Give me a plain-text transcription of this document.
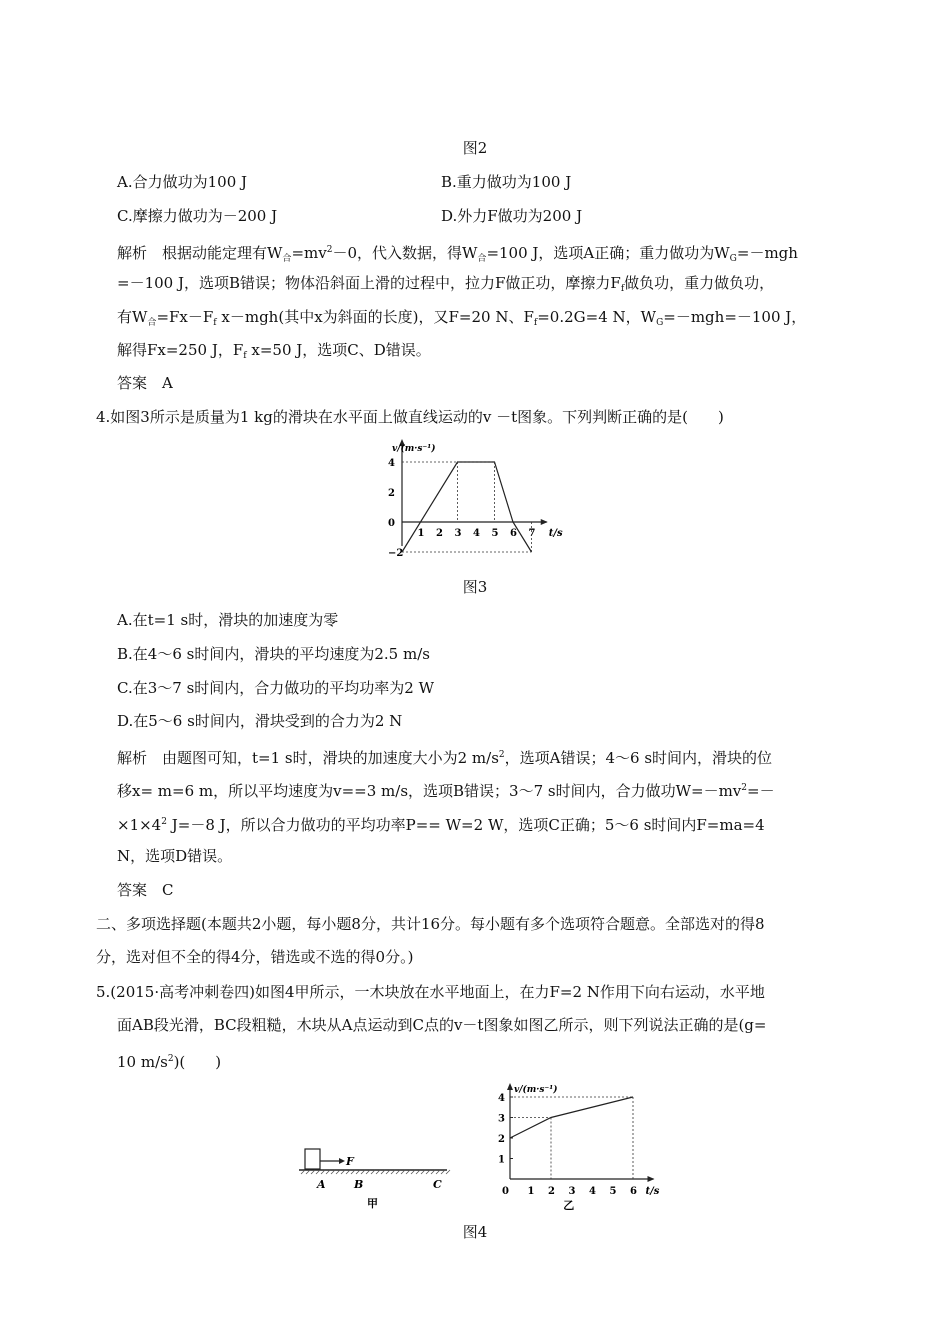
图2
A.合力做功为100 J	B.重力做功为100 J
C.摩擦力做功为－200 J	D.外力F做功为200 J
解析　根据动能定理有$W_合=mv^2-0$，代入数据，得$W_合=100$ J，选项A正确；重力做功为$W_G=-mgh$
=－100 J，选项B错误；物体沿斜面上滑的过程中，拉力F做正功，摩擦力$F_f$做负功，重力做负功，
有$W_合=Fx-F_f$ x－mgh(其中x为斜面的长度)，又F=20 N、$F_f=0.2G=4$ N，$W_G=-mgh=-100$ J，
解得Fx=250 J，$F_f$ x=50 J，选项C、D错误。
答案　A
4.如图3所示是质量为1 kg的滑块在水平面上做直线运动的v －t图象。下列判断正确的是(　　)
v/(m·s⁻¹)
t/s
4
2
0
−2
1 2 3 4 5 6 7
图3
A.在t=1 s时，滑块的加速度为零
B.在4～6 s时间内，滑块的平均速度为2.5 m/s
C.在3～7 s时间内，合力做功的平均功率为2 W
D.在5～6 s时间内，滑块受到的合力为2 N
解析　由题图可知，t=1 s时，滑块的加速度大小为2 $m/s^2$，选项A错误；4～6 s时间内，滑块的位
移x= m=6 m，所以平均速度为v==3 m/s，选项B错误；3～7 s时间内，合力做功$W=-mv^2=-$
$\times 1\times 4^2$ J=－8 J，所以合力做功的平均功率P== W=2 W，选项C正确；5～6 s时间内F=ma=4
N，选项D错误。
答案　C
二、多项选择题(本题共2小题，每小题8分，共计16分。每小题有多个选项符合题意。全部选对的得8
分，选对但不全的得4分，错选或不选的得0分。)
5.(2015·高考冲刺卷四)如图4甲所示，一木块放在水平地面上，在力F=2 N作用下向右运动，水平地
面AB段光滑，BC段粗糙，木块从A点运动到C点的v－t图象如图乙所示，则下列说法正确的是(g=
10 $m/s^2$)(　　)
F
A	B	C
甲
v/(m·s⁻¹)
t/s
1
2
3
4
0 1 2 3 4 5 6
乙
图4
